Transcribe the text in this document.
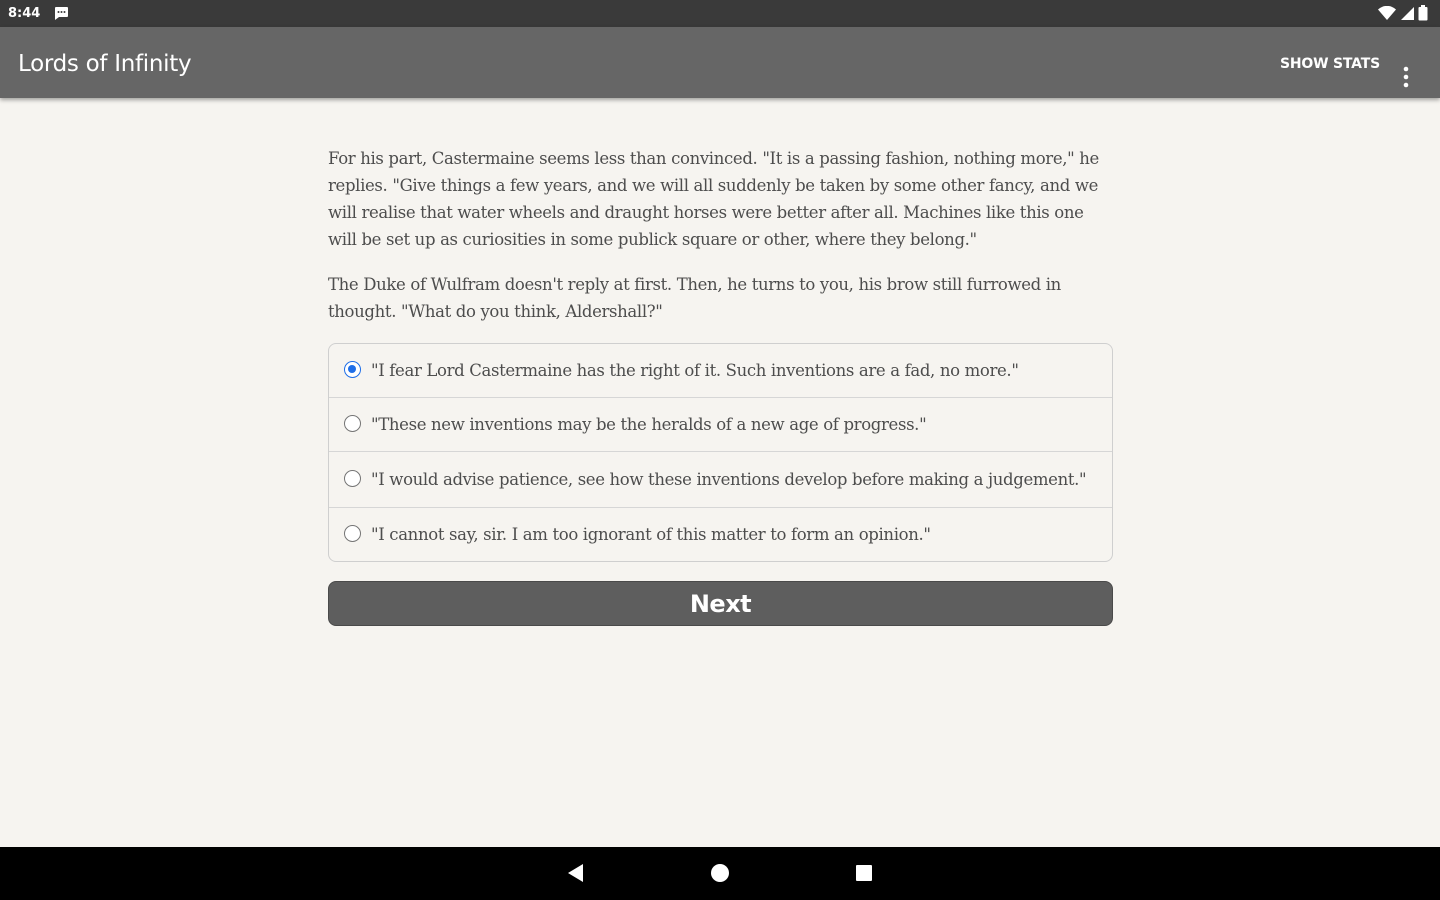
8:44
Lords of Infinity	SHOW STATS

For his part, Castermaine seems less than convinced. "It is a passing fashion, nothing more," he replies. "Give things a few years, and we will all suddenly be taken by some other fancy, and we will realise that water wheels and draught horses were better after all. Machines like this one will be set up as curiosities in some publick square or other, where they belong."

The Duke of Wulfram doesn't reply at first. Then, he turns to you, his brow still furrowed in thought. "What do you think, Aldershall?"

"I fear Lord Castermaine has the right of it. Such inventions are a fad, no more."
"These new inventions may be the heralds of a new age of progress."
"I would advise patience, see how these inventions develop before making a judgement."
"I cannot say, sir. I am too ignorant of this matter to form an opinion."
Next
